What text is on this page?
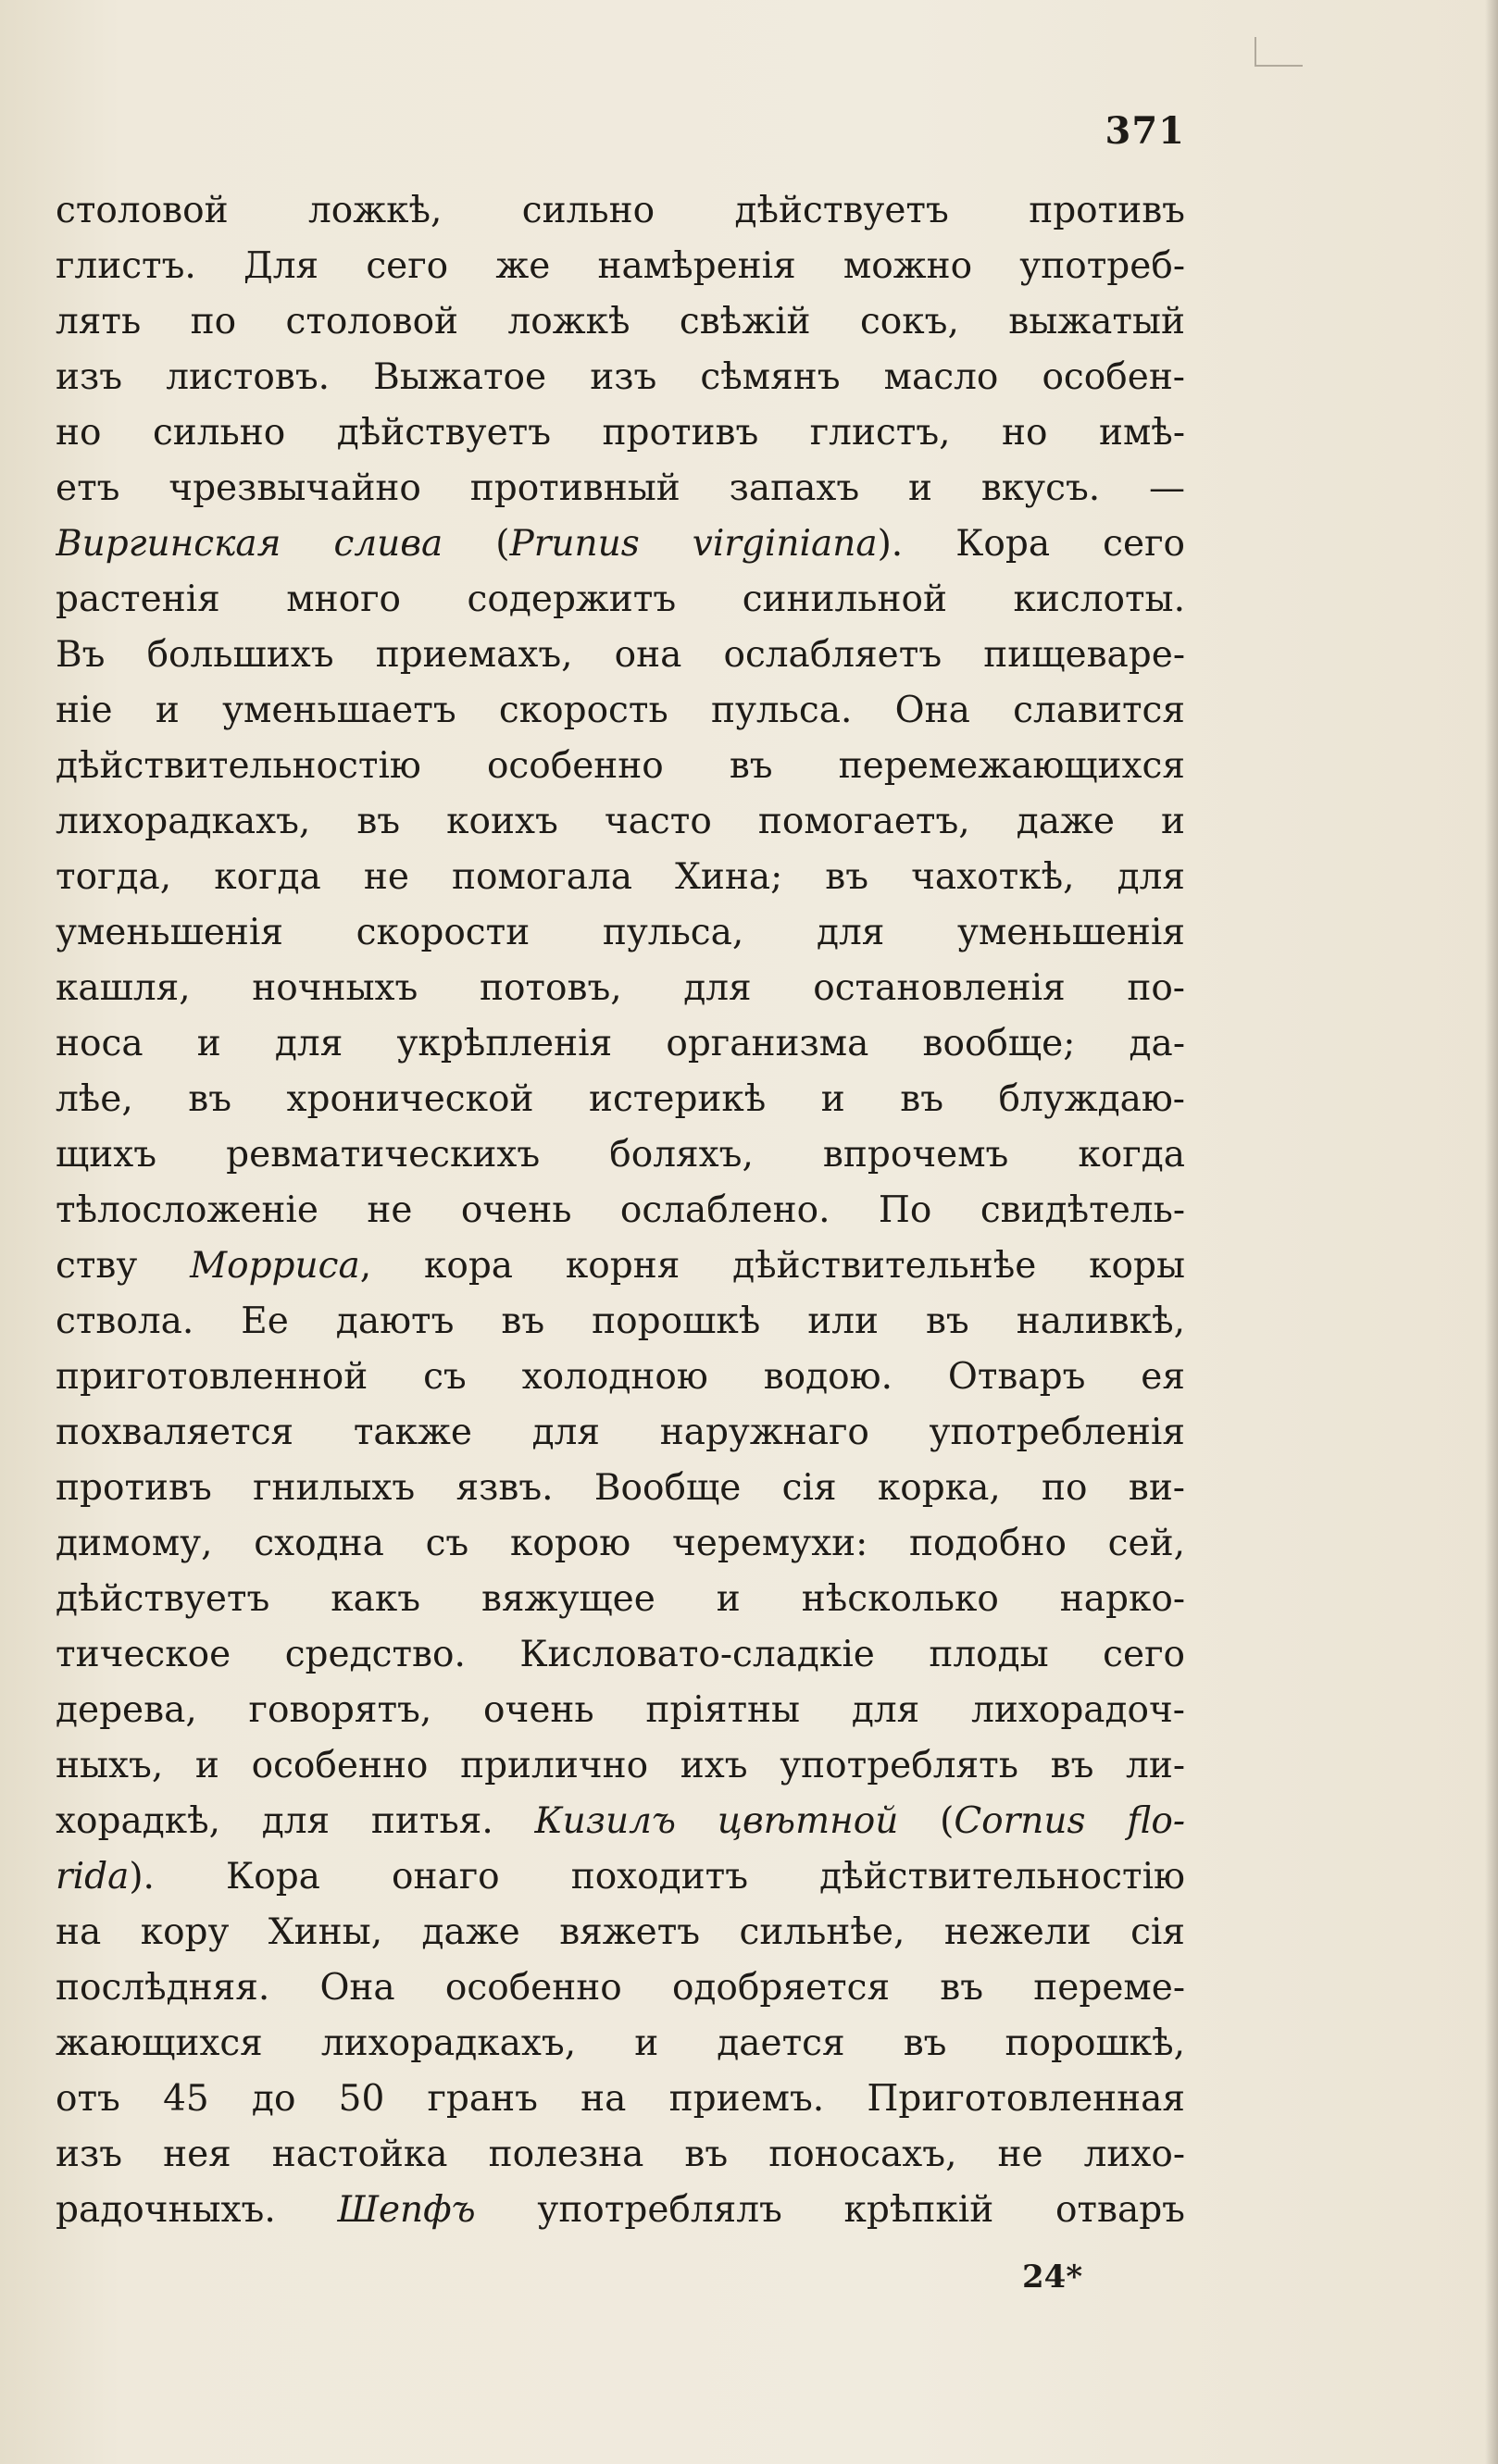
371
столовой ложкѣ, сильно дѣйствуетъ противъ
глистъ. Для сего же намѣренія можно употреб-
лять по столовой ложкѣ свѣжій сокъ, выжатый
изъ листовъ. Выжатое изъ сѣмянъ масло особен-
но сильно дѣйствуетъ противъ глистъ, но имѣ-
етъ чрезвычайно противный запахъ и вкусъ. —
Виргинская слива (Prunus virginiana). Кора сего
растенія много содержитъ синильной кислоты.
Въ большихъ приемахъ, она ослабляетъ пищеваре-
ніе и уменьшаетъ скорость пульса. Она славится
дѣйствительностію особенно въ перемежающихся
лихорадкахъ, въ коихъ часто помогаетъ, даже и
тогда, когда не помогала Хина; въ чахоткѣ, для
уменьшенія скорости пульса, для уменьшенія
кашля, ночныхъ потовъ, для остановленія по-
носа и для укрѣпленія организма вообще; да-
лѣе, въ хронической истерикѣ и въ блуждаю-
щихъ ревматическихъ боляхъ, впрочемъ когда
тѣлосложеніе не очень ослаблено. По свидѣтель-
ству Морриса, кора корня дѣйствительнѣе коры
ствола. Ее даютъ въ порошкѣ или въ наливкѣ,
приготовленной съ холодною водою. Отваръ ея
похваляется также для наружнаго употребленія
противъ гнилыхъ язвъ. Вообще сія корка, по ви-
димому, сходна съ корою черемухи: подобно сей,
дѣйствуетъ какъ вяжущее и нѣсколько нарко-
тическое средство. Кисловато-сладкіе плоды сего
дерева, говорятъ, очень пріятны для лихорадоч-
ныхъ, и особенно прилично ихъ употреблять въ ли-
хорадкѣ, для питья. Кизилъ цвѣтной (Cornus flo-
rida). Кора онаго походитъ дѣйствительностію
на кору Хины, даже вяжетъ сильнѣе, нежели сія
послѣдняя. Она особенно одобряется въ переме-
жающихся лихорадкахъ, и дается въ порошкѣ,
отъ 45 до 50 гранъ на приемъ. Приготовленная
изъ нея настойка полезна въ поносахъ, не лихо-
радочныхъ. Шепфъ употреблялъ крѣпкій отваръ
24*
